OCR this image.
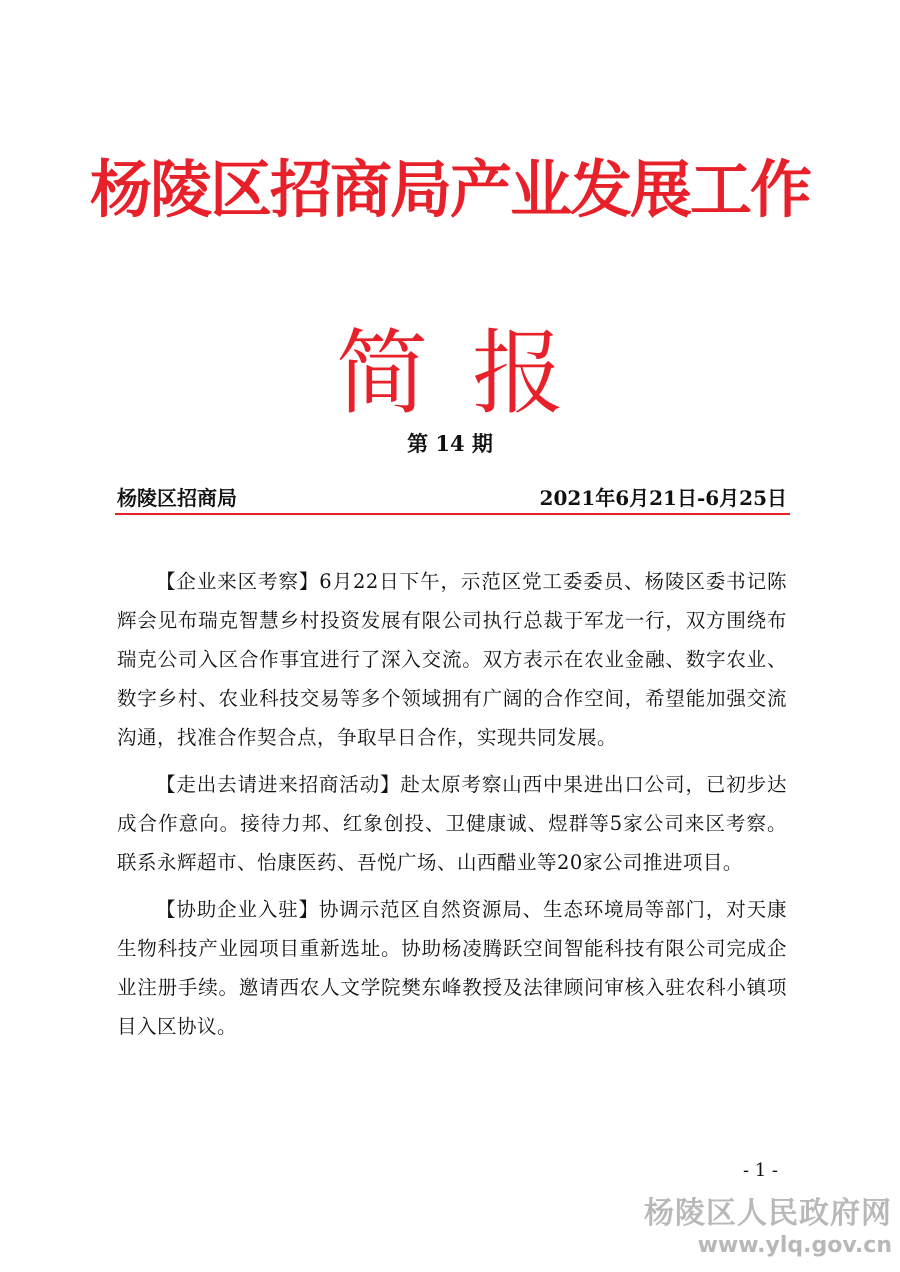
杨陵区招商局产业发展工作
简报
第 14 期
杨陵区招商局	2021年6月21日-6月25日

【企业来区考察】6月22日下午，示范区党工委委员、杨陵区委书记陈辉会见布瑞克智慧乡村投资发展有限公司执行总裁于军龙一行，双方围绕布瑞克公司入区合作事宜进行了深入交流。双方表示在农业金融、数字农业、数字乡村、农业科技交易等多个领域拥有广阔的合作空间，希望能加强交流沟通，找准合作契合点，争取早日合作，实现共同发展。

【走出去请进来招商活动】赴太原考察山西中果进出口公司，已初步达成合作意向。接待力邦、红象创投、卫健康诚、煜群等5家公司来区考察。联系永辉超市、怡康医药、吾悦广场、山西醋业等20家公司推进项目。

【协助企业入驻】协调示范区自然资源局、生态环境局等部门，对天康生物科技产业园项目重新选址。协助杨凌腾跃空间智能科技有限公司完成企业注册手续。邀请西农人文学院樊东峰教授及法律顾问审核入驻农科小镇项目入区协议。

- 1 -
杨陵区人民政府网
www.ylq.gov.cn
